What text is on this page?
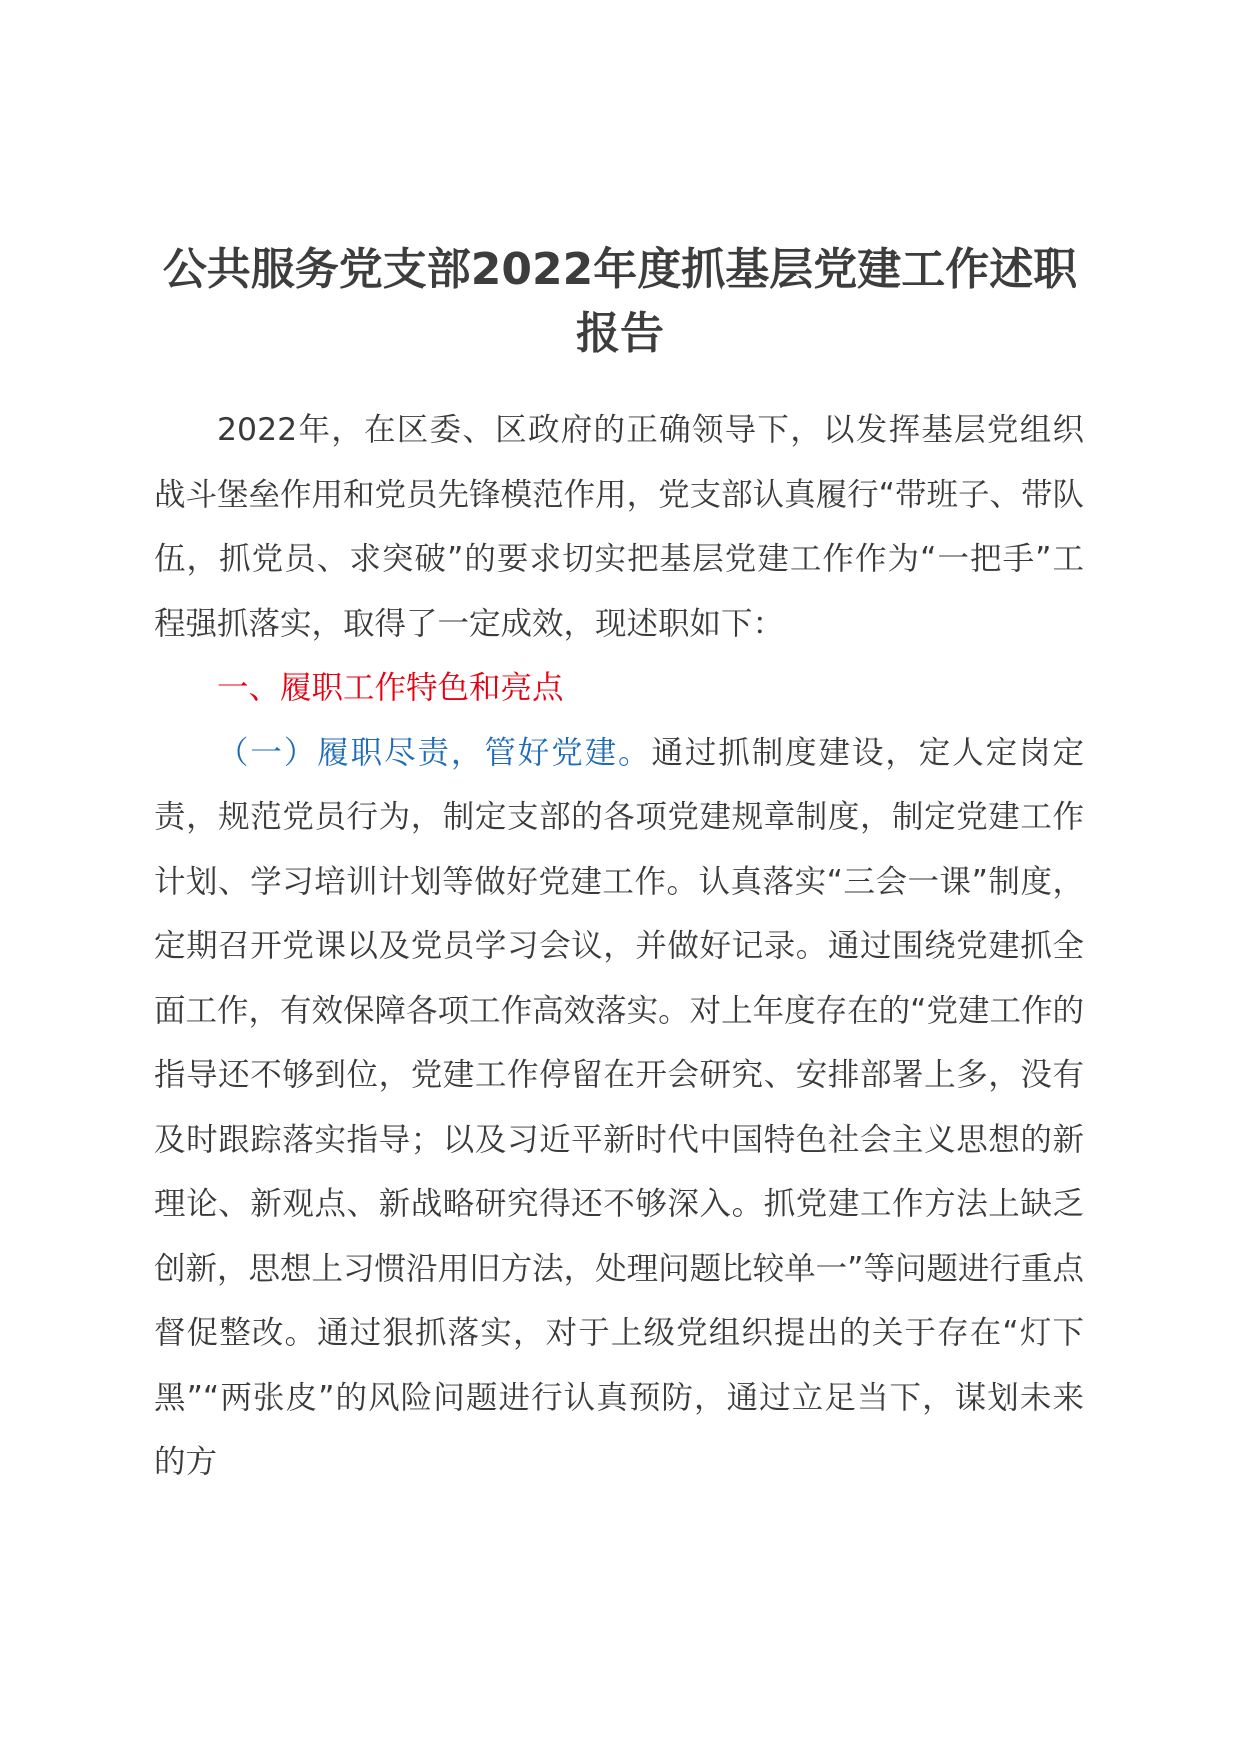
公共服务党支部2022年度抓基层党建工作述职报告

2022年，在区委、区政府的正确领导下，以发挥基层党组织战斗堡垒作用和党员先锋模范作用，党支部认真履行“带班子、带队伍，抓党员、求突破”的要求切实把基层党建工作作为“一把手”工程强抓落实，取得了一定成效，现述职如下：

一、履职工作特色和亮点

（一）履职尽责，管好党建。通过抓制度建设，定人定岗定责，规范党员行为，制定支部的各项党建规章制度，制定党建工作计划、学习培训计划等做好党建工作。认真落实“三会一课”制度，定期召开党课以及党员学习会议，并做好记录。通过围绕党建抓全面工作，有效保障各项工作高效落实。对上年度存在的“党建工作的指导还不够到位，党建工作停留在开会研究、安排部署上多，没有及时跟踪落实指导；以及习近平新时代中国特色社会主义思想的新理论、新观点、新战略研究得还不够深入。抓党建工作方法上缺乏创新，思想上习惯沿用旧方法，处理问题比较单一”等问题进行重点督促整改。通过狠抓落实，对于上级党组织提出的关于存在“灯下黑”“两张皮”的风险问题进行认真预防，通过立足当下，谋划未来的方
